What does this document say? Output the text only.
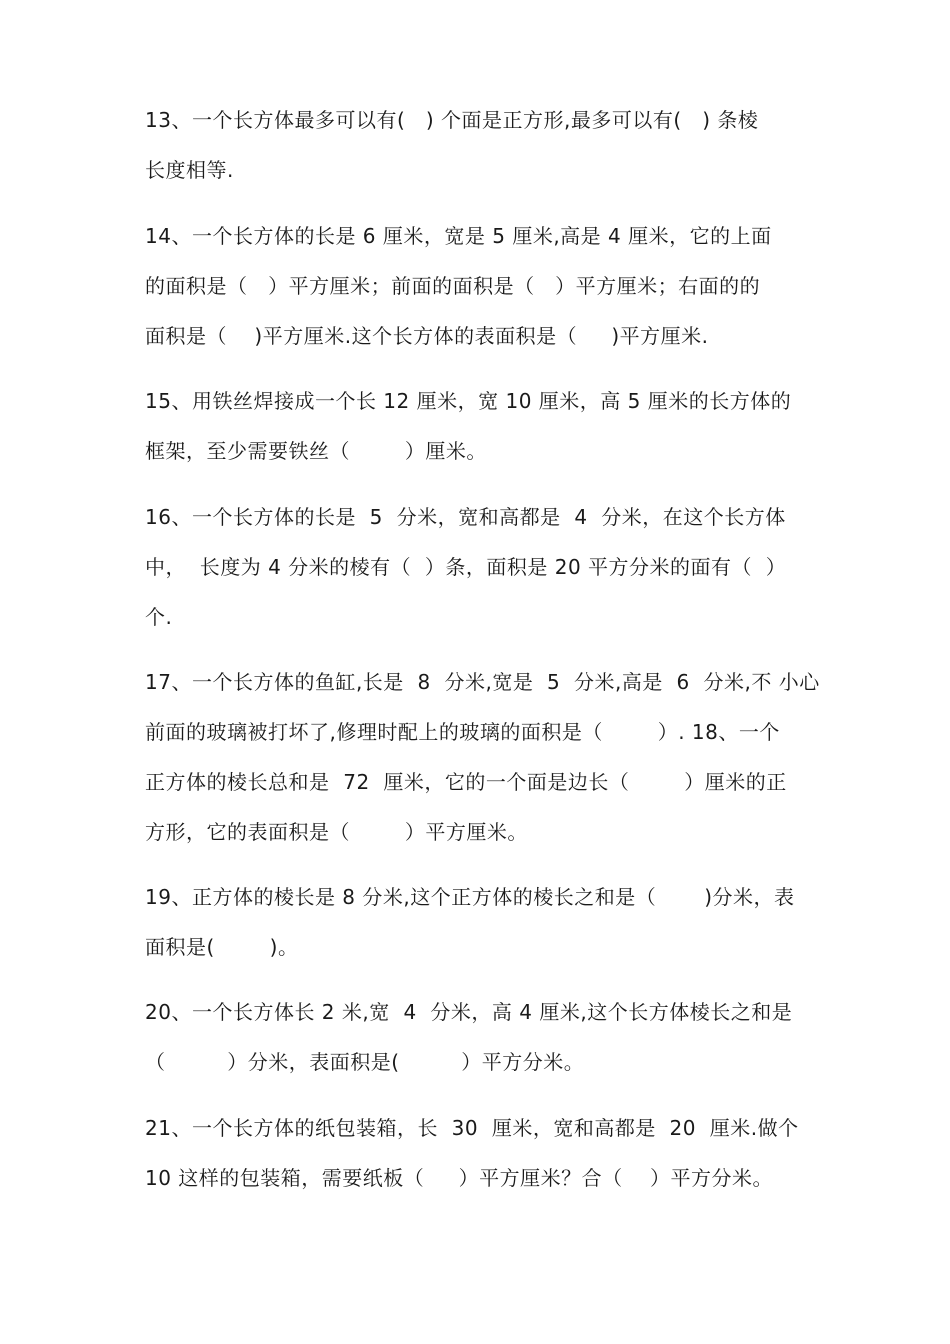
13、一个长方体最多可以有(   ) 个面是正方形,最多可以有(   ) 条棱
长度相等.
14、一个长方体的长是 6 厘米，宽是 5 厘米,高是 4 厘米，它的上面
的面积是（   ）平方厘米；前面的面积是（   ）平方厘米；右面的的
面积是（    )平方厘米.这个长方体的表面积是（     )平方厘米.
15、用铁丝焊接成一个长 12 厘米，宽 10 厘米，高 5 厘米的长方体的
框架，至少需要铁丝（        ）厘米。
16、一个长方体的长是  5  分米，宽和高都是  4  分米，在这个长方体
中，  长度为 4 分米的棱有（  ）条，面积是 20 平方分米的面有（  ）
个.
17、一个长方体的鱼缸,长是  8  分米,宽是  5  分米,高是  6  分米,不 小心
前面的玻璃被打坏了,修理时配上的玻璃的面积是（        ）. 18、一个
正方体的棱长总和是  72  厘米，它的一个面是边长（        ）厘米的正
方形，它的表面积是（        ）平方厘米。
19、正方体的棱长是 8 分米,这个正方体的棱长之和是（       )分米，表
面积是(        )。
20、一个长方体长 2 米,宽  4  分米，高 4 厘米,这个长方体棱长之和是
（         ）分米，表面积是(         ）平方分米。
21、一个长方体的纸包装箱，长  30  厘米，宽和高都是  20  厘米.做个
10 这样的包装箱，需要纸板（     ）平方厘米？合（    ）平方分米。
